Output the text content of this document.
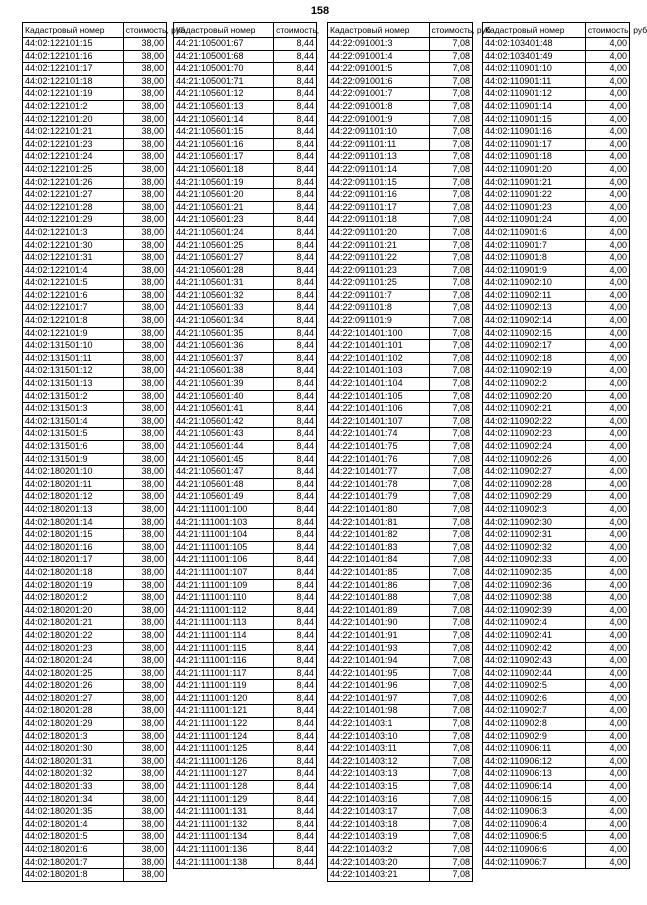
158
Кадастровый номер	стоимость, руб
44:02:122101:15	38,00
44:02:122101:16	38,00
44:02:122101:17	38,00
44:02:122101:18	38,00
44:02:122101:19	38,00
44:02:122101:2	38,00
44:02:122101:20	38,00
44:02:122101:21	38,00
44:02:122101:23	38,00
44:02:122101:24	38,00
44:02:122101:25	38,00
44:02:122101:26	38,00
44:02:122101:27	38,00
44:02:122101:28	38,00
44:02:122101:29	38,00
44:02:122101:3	38,00
44:02:122101:30	38,00
44:02:122101:31	38,00
44:02:122101:4	38,00
44:02:122101:5	38,00
44:02:122101:6	38,00
44:02:122101:7	38,00
44:02:122101:8	38,00
44:02:122101:9	38,00
44:02:131501:10	38,00
44:02:131501:11	38,00
44:02:131501:12	38,00
44:02:131501:13	38,00
44:02:131501:2	38,00
44:02:131501:3	38,00
44:02:131501:4	38,00
44:02:131501:5	38,00
44:02:131501:6	38,00
44:02:131501:9	38,00
44:02:180201:10	38,00
44:02:180201:11	38,00
44:02:180201:12	38,00
44:02:180201:13	38,00
44:02:180201:14	38,00
44:02:180201:15	38,00
44:02:180201:16	38,00
44:02:180201:17	38,00
44:02:180201:18	38,00
44:02:180201:19	38,00
44:02:180201:2	38,00
44:02:180201:20	38,00
44:02:180201:21	38,00
44:02:180201:22	38,00
44:02:180201:23	38,00
44:02:180201:24	38,00
44:02:180201:25	38,00
44:02:180201:26	38,00
44:02:180201:27	38,00
44:02:180201:28	38,00
44:02:180201:29	38,00
44:02:180201:3	38,00
44:02:180201:30	38,00
44:02:180201:31	38,00
44:02:180201:32	38,00
44:02:180201:33	38,00
44:02:180201:34	38,00
44:02:180201:35	38,00
44:02:180201:4	38,00
44:02:180201:5	38,00
44:02:180201:6	38,00
44:02:180201:7	38,00
44:02:180201:8	38,00
Кадастровый номер	стоимость,
44:21:105001:67	8,44
44:21:105001:68	8,44
44:21:105001:70	8,44
44:21:105001:71	8,44
44:21:105601:12	8,44
44:21:105601:13	8,44
44:21:105601:14	8,44
44:21:105601:15	8,44
44:21:105601:16	8,44
44:21:105601:17	8,44
44:21:105601:18	8,44
44:21:105601:19	8,44
44:21:105601:20	8,44
44:21:105601:21	8,44
44:21:105601:23	8,44
44:21:105601:24	8,44
44:21:105601:25	8,44
44:21:105601:27	8,44
44:21:105601:28	8,44
44:21:105601:31	8,44
44:21:105601:32	8,44
44:21:105601:33	8,44
44:21:105601:34	8,44
44:21:105601:35	8,44
44:21:105601:36	8,44
44:21:105601:37	8,44
44:21:105601:38	8,44
44:21:105601:39	8,44
44:21:105601:40	8,44
44:21:105601:41	8,44
44:21:105601:42	8,44
44:21:105601:43	8,44
44:21:105601:44	8,44
44:21:105601:45	8,44
44:21:105601:47	8,44
44:21:105601:48	8,44
44:21:105601:49	8,44
44:21:111001:100	8,44
44:21:111001:103	8,44
44:21:111001:104	8,44
44:21:111001:105	8,44
44:21:111001:106	8,44
44:21:111001:107	8,44
44:21:111001:109	8,44
44:21:111001:110	8,44
44:21:111001:112	8,44
44:21:111001:113	8,44
44:21:111001:114	8,44
44:21:111001:115	8,44
44:21:111001:116	8,44
44:21:111001:117	8,44
44:21:111001:119	8,44
44:21:111001:120	8,44
44:21:111001:121	8,44
44:21:111001:122	8,44
44:21:111001:124	8,44
44:21:111001:125	8,44
44:21:111001:126	8,44
44:21:111001:127	8,44
44:21:111001:128	8,44
44:21:111001:129	8,44
44:21:111001:131	8,44
44:21:111001:132	8,44
44:21:111001:134	8,44
44:21:111001:136	8,44
44:21:111001:138	8,44
Кадастровый номер	стоимость, руб
44:22:091001:3	7,08
44:22:091001:4	7,08
44:22:091001:5	7,08
44:22:091001:6	7,08
44:22:091001:7	7,08
44:22:091001:8	7,08
44:22:091001:9	7,08
44:22:091101:10	7,08
44:22:091101:11	7,08
44:22:091101:13	7,08
44:22:091101:14	7,08
44:22:091101:15	7,08
44:22:091101:16	7,08
44:22:091101:17	7,08
44:22:091101:18	7,08
44:22:091101:20	7,08
44:22:091101:21	7,08
44:22:091101:22	7,08
44:22:091101:23	7,08
44:22:091101:25	7,08
44:22:091101:7	7,08
44:22:091101:8	7,08
44:22:091101:9	7,08
44:22:101401:100	7,08
44:22:101401:101	7,08
44:22:101401:102	7,08
44:22:101401:103	7,08
44:22:101401:104	7,08
44:22:101401:105	7,08
44:22:101401:106	7,08
44:22:101401:107	7,08
44:22:101401:74	7,08
44:22:101401:75	7,08
44:22:101401:76	7,08
44:22:101401:77	7,08
44:22:101401:78	7,08
44:22:101401:79	7,08
44:22:101401:80	7,08
44:22:101401:81	7,08
44:22:101401:82	7,08
44:22:101401:83	7,08
44:22:101401:84	7,08
44:22:101401:85	7,08
44:22:101401:86	7,08
44:22:101401:88	7,08
44:22:101401:89	7,08
44:22:101401:90	7,08
44:22:101401:91	7,08
44:22:101401:93	7,08
44:22:101401:94	7,08
44:22:101401:95	7,08
44:22:101401:96	7,08
44:22:101401:97	7,08
44:22:101401:98	7,08
44:22:101403:1	7,08
44:22:101403:10	7,08
44:22:101403:11	7,08
44:22:101403:12	7,08
44:22:101403:13	7,08
44:22:101403:15	7,08
44:22:101403:16	7,08
44:22:101403:17	7,08
44:22:101403:18	7,08
44:22:101403:19	7,08
44:22:101403:2	7,08
44:22:101403:20	7,08
44:22:101403:21	7,08
Кадастровый номер	стоимость, руб
44:02:103401:48	4,00
44:02:103401:49	4,00
44:02:110901:10	4,00
44:02:110901:11	4,00
44:02:110901:12	4,00
44:02:110901:14	4,00
44:02:110901:15	4,00
44:02:110901:16	4,00
44:02:110901:17	4,00
44:02:110901:18	4,00
44:02:110901:20	4,00
44:02:110901:21	4,00
44:02:110901:22	4,00
44:02:110901:23	4,00
44:02:110901:24	4,00
44:02:110901:6	4,00
44:02:110901:7	4,00
44:02:110901:8	4,00
44:02:110901:9	4,00
44:02:110902:10	4,00
44:02:110902:11	4,00
44:02:110902:13	4,00
44:02:110902:14	4,00
44:02:110902:15	4,00
44:02:110902:17	4,00
44:02:110902:18	4,00
44:02:110902:19	4,00
44:02:110902:2	4,00
44:02:110902:20	4,00
44:02:110902:21	4,00
44:02:110902:22	4,00
44:02:110902:23	4,00
44:02:110902:24	4,00
44:02:110902:26	4,00
44:02:110902:27	4,00
44:02:110902:28	4,00
44:02:110902:29	4,00
44:02:110902:3	4,00
44:02:110902:30	4,00
44:02:110902:31	4,00
44:02:110902:32	4,00
44:02:110902:33	4,00
44:02:110902:35	4,00
44:02:110902:36	4,00
44:02:110902:38	4,00
44:02:110902:39	4,00
44:02:110902:4	4,00
44:02:110902:41	4,00
44:02:110902:42	4,00
44:02:110902:43	4,00
44:02:110902:44	4,00
44:02:110902:5	4,00
44:02:110902:6	4,00
44:02:110902:7	4,00
44:02:110902:8	4,00
44:02:110902:9	4,00
44:02:110906:11	4,00
44:02:110906:12	4,00
44:02:110906:13	4,00
44:02:110906:14	4,00
44:02:110906:15	4,00
44:02:110906:3	4,00
44:02:110906:4	4,00
44:02:110906:5	4,00
44:02:110906:6	4,00
44:02:110906:7	4,00
